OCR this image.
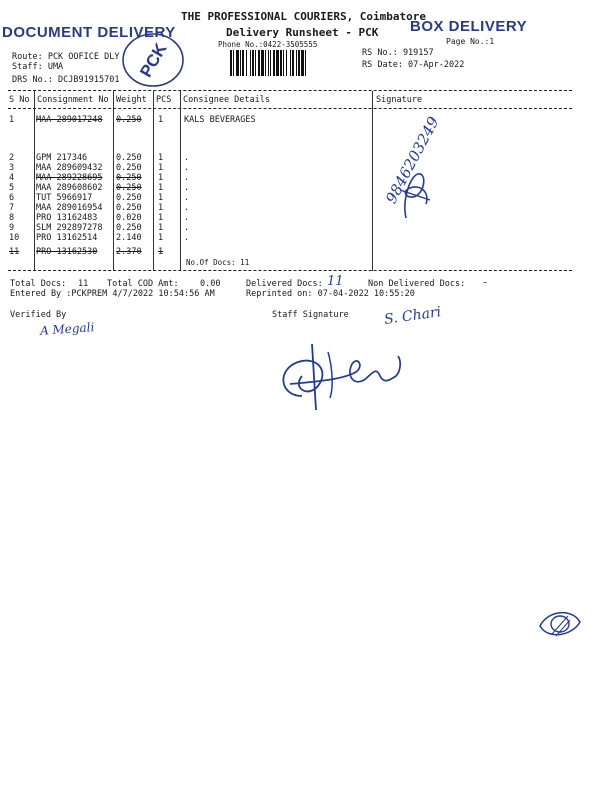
DOCUMENT DELIVERY	BOX DELIVERY
PCK
THE PROFESSIONAL COURIERS, Coimbatore
Delivery Runsheet - PCK
Phone No.:0422-3505555	Page No.:1
Route: PCK OOFICE DLY
Staff: UMA
DRS No.: DCJB91915701
RS No.: 919157
RS Date: 07-Apr-2022
S No Consignment No Weight PCS Consignee Details	Signature
1	MAA 289017248 0.250 1 KALS BEVERAGES
2	GPM 217346	0.250 1 .
3	MAA 289609432 0.250 1 .
4	MAA 289228695 0.250 1 .
5	MAA 289608602 0.250 1 .
6	TUT 5966917	0.250 1 .
7	MAA 289016954 0.250 1 .
8	PRO 13162483 0.020 1 .
9	SLM 292897278 0.250 1 .
10 PRO 13162514 2.140 1 .
11 PRO 13162530 2.370 1
No.Of Docs: 11
Total Docs: 11 Total COD Amt:	0.00	Delivered Docs: 11	Non Delivered Docs: -
Entered By :PCKPREM 4/7/2022 10:54:56 AM	Reprinted on: 07-04-2022 10:55:20
Verified By	Staff Signature
A Megali
S. Chari
9846203249
